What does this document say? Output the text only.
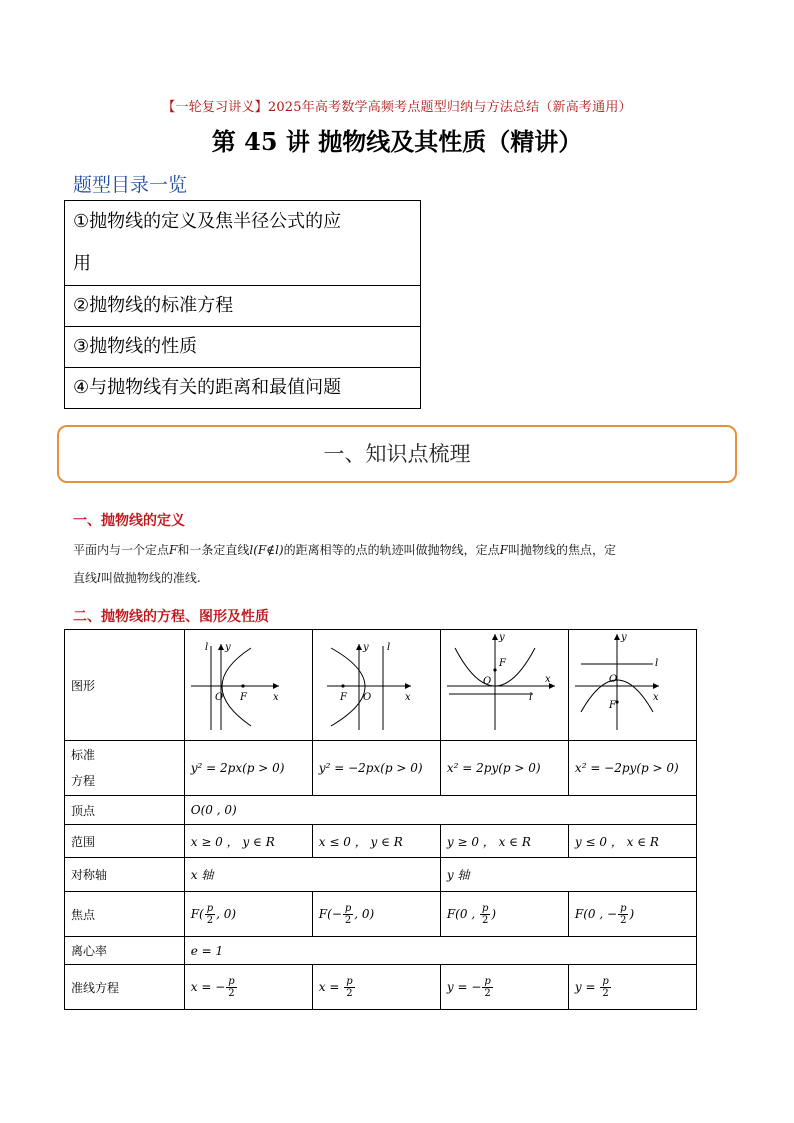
【一轮复习讲义】2025年高考数学高频考点题型归纳与方法总结（新高考通用）
第 45 讲 抛物线及其性质（精讲）
题型目录一览
①抛物线的定义及焦半径公式的应
用
②抛物线的标准方程
③抛物线的性质
④与抛物线有关的距离和最值问题
一、知识点梳理
一、抛物线的定义
平面内与一个定点F和一条定直线l(F∉l)的距离相等的点的轨迹叫做抛物线，定点F叫抛物线的焦点，定
直线l叫做抛物线的准线.
二、抛物线的方程、图形及性质
图形	l y
O F x	l
y
O
F x	y
F
O
l
x	y
l
O
F
x

标准
方程	y² = 2px(p > 0)	y² = −2px(p > 0)	x² = 2py(p > 0)	x² = −2py(p > 0)
顶点	O(0 , 0)			
范围	x ≥ 0 ， y ∈ R	x ≤ 0 ， y ∈ R	y ≥ 0 ， x ∈ R	y ≤ 0 ， x ∈ R
对称轴	x 轴		y 轴	
焦点	$F( \frac{p}{2}$ , 0)	$F(- \frac{p}{2}$ , 0)	F(0 , $\frac{p}{2}$ )	F(0 , − $\frac{p}{2}$ )
离心率	e = 1			
准线方程	x = − $\frac{p}{2}$	$x = \frac{p}{2}$	y = − $\frac{p}{2}$	$y = \frac{p}{2}$
